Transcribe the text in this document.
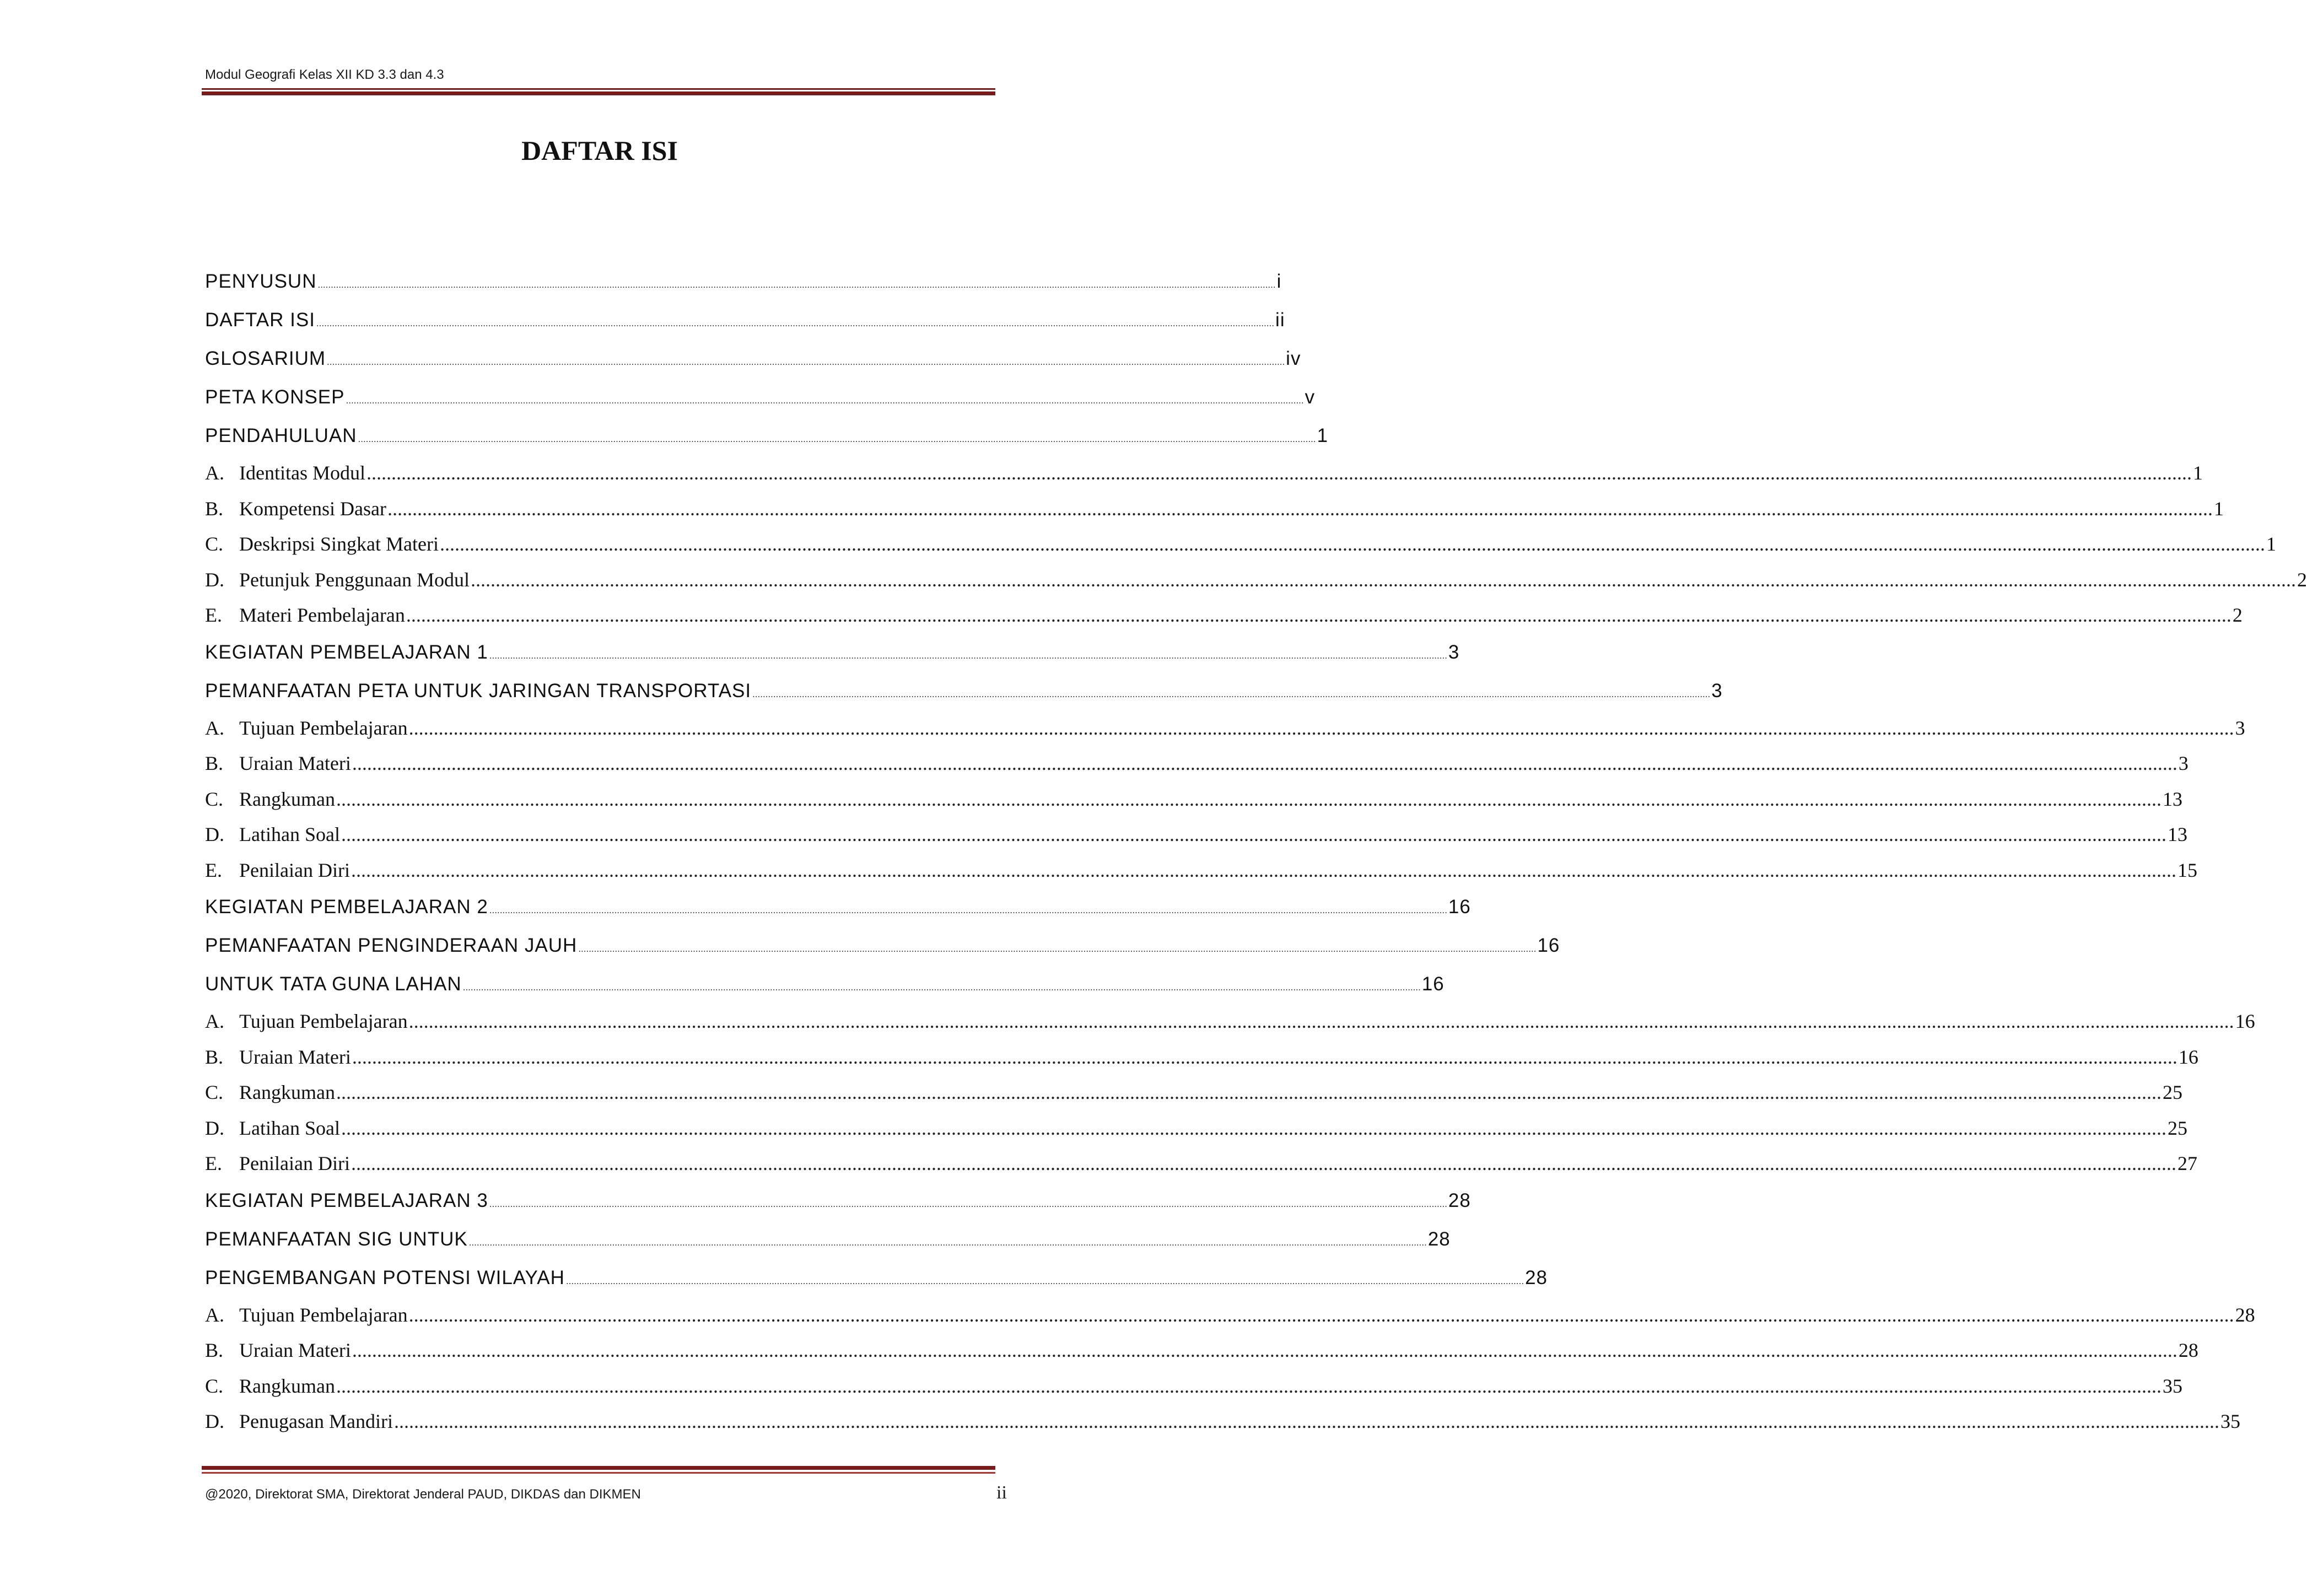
Modul Geografi Kelas XII KD 3.3 dan 4.3
DAFTAR ISI
PENYUSUN ................................................................................................................................................................................................................................................................................................................................................................................ i
DAFTAR ISI ................................................................................................................................................................................................................................................................................................................................................................................ ii
GLOSARIUM ................................................................................................................................................................................................................................................................................................................................................................................ iv
PETA KONSEP ................................................................................................................................................................................................................................................................................................................................................................................ v
PENDAHULUAN ................................................................................................................................................................................................................................................................................................................................................................................ 1
A. Identitas Modul ................................................................................................................................................................................................................................................................................................................................................................................ 1
B. Kompetensi Dasar ................................................................................................................................................................................................................................................................................................................................................................................ 1
C. Deskripsi Singkat Materi ................................................................................................................................................................................................................................................................................................................................................................................ 1
D. Petunjuk Penggunaan Modul ................................................................................................................................................................................................................................................................................................................................................................................ 2
E. Materi Pembelajaran ................................................................................................................................................................................................................................................................................................................................................................................ 2
KEGIATAN PEMBELAJARAN 1 ................................................................................................................................................................................................................................................................................................................................................................................ 3
PEMANFAATAN PETA UNTUK JARINGAN TRANSPORTASI ................................................................................................................................................................................................................................................................................................................................................................................ 3
A. Tujuan Pembelajaran ................................................................................................................................................................................................................................................................................................................................................................................ 3
B. Uraian Materi ................................................................................................................................................................................................................................................................................................................................................................................ 3
C. Rangkuman ................................................................................................................................................................................................................................................................................................................................................................................ 13
D. Latihan Soal ................................................................................................................................................................................................................................................................................................................................................................................ 13
E. Penilaian Diri ................................................................................................................................................................................................................................................................................................................................................................................ 15
KEGIATAN PEMBELAJARAN 2 ................................................................................................................................................................................................................................................................................................................................................................................ 16
PEMANFAATAN PENGINDERAAN JAUH ................................................................................................................................................................................................................................................................................................................................................................................ 16
UNTUK TATA GUNA LAHAN ................................................................................................................................................................................................................................................................................................................................................................................ 16
A. Tujuan Pembelajaran ................................................................................................................................................................................................................................................................................................................................................................................ 16
B. Uraian Materi ................................................................................................................................................................................................................................................................................................................................................................................ 16
C. Rangkuman ................................................................................................................................................................................................................................................................................................................................................................................ 25
D. Latihan Soal ................................................................................................................................................................................................................................................................................................................................................................................ 25
E. Penilaian Diri ................................................................................................................................................................................................................................................................................................................................................................................ 27
KEGIATAN PEMBELAJARAN 3 ................................................................................................................................................................................................................................................................................................................................................................................ 28
PEMANFAATAN SIG UNTUK ................................................................................................................................................................................................................................................................................................................................................................................ 28
PENGEMBANGAN POTENSI WILAYAH ................................................................................................................................................................................................................................................................................................................................................................................ 28
A. Tujuan Pembelajaran ................................................................................................................................................................................................................................................................................................................................................................................ 28
B. Uraian Materi ................................................................................................................................................................................................................................................................................................................................................................................ 28
C. Rangkuman ................................................................................................................................................................................................................................................................................................................................................................................ 35
D. Penugasan Mandiri ................................................................................................................................................................................................................................................................................................................................................................................ 35
@2020, Direktorat SMA, Direktorat Jenderal PAUD, DIKDAS dan DIKMEN	ii
